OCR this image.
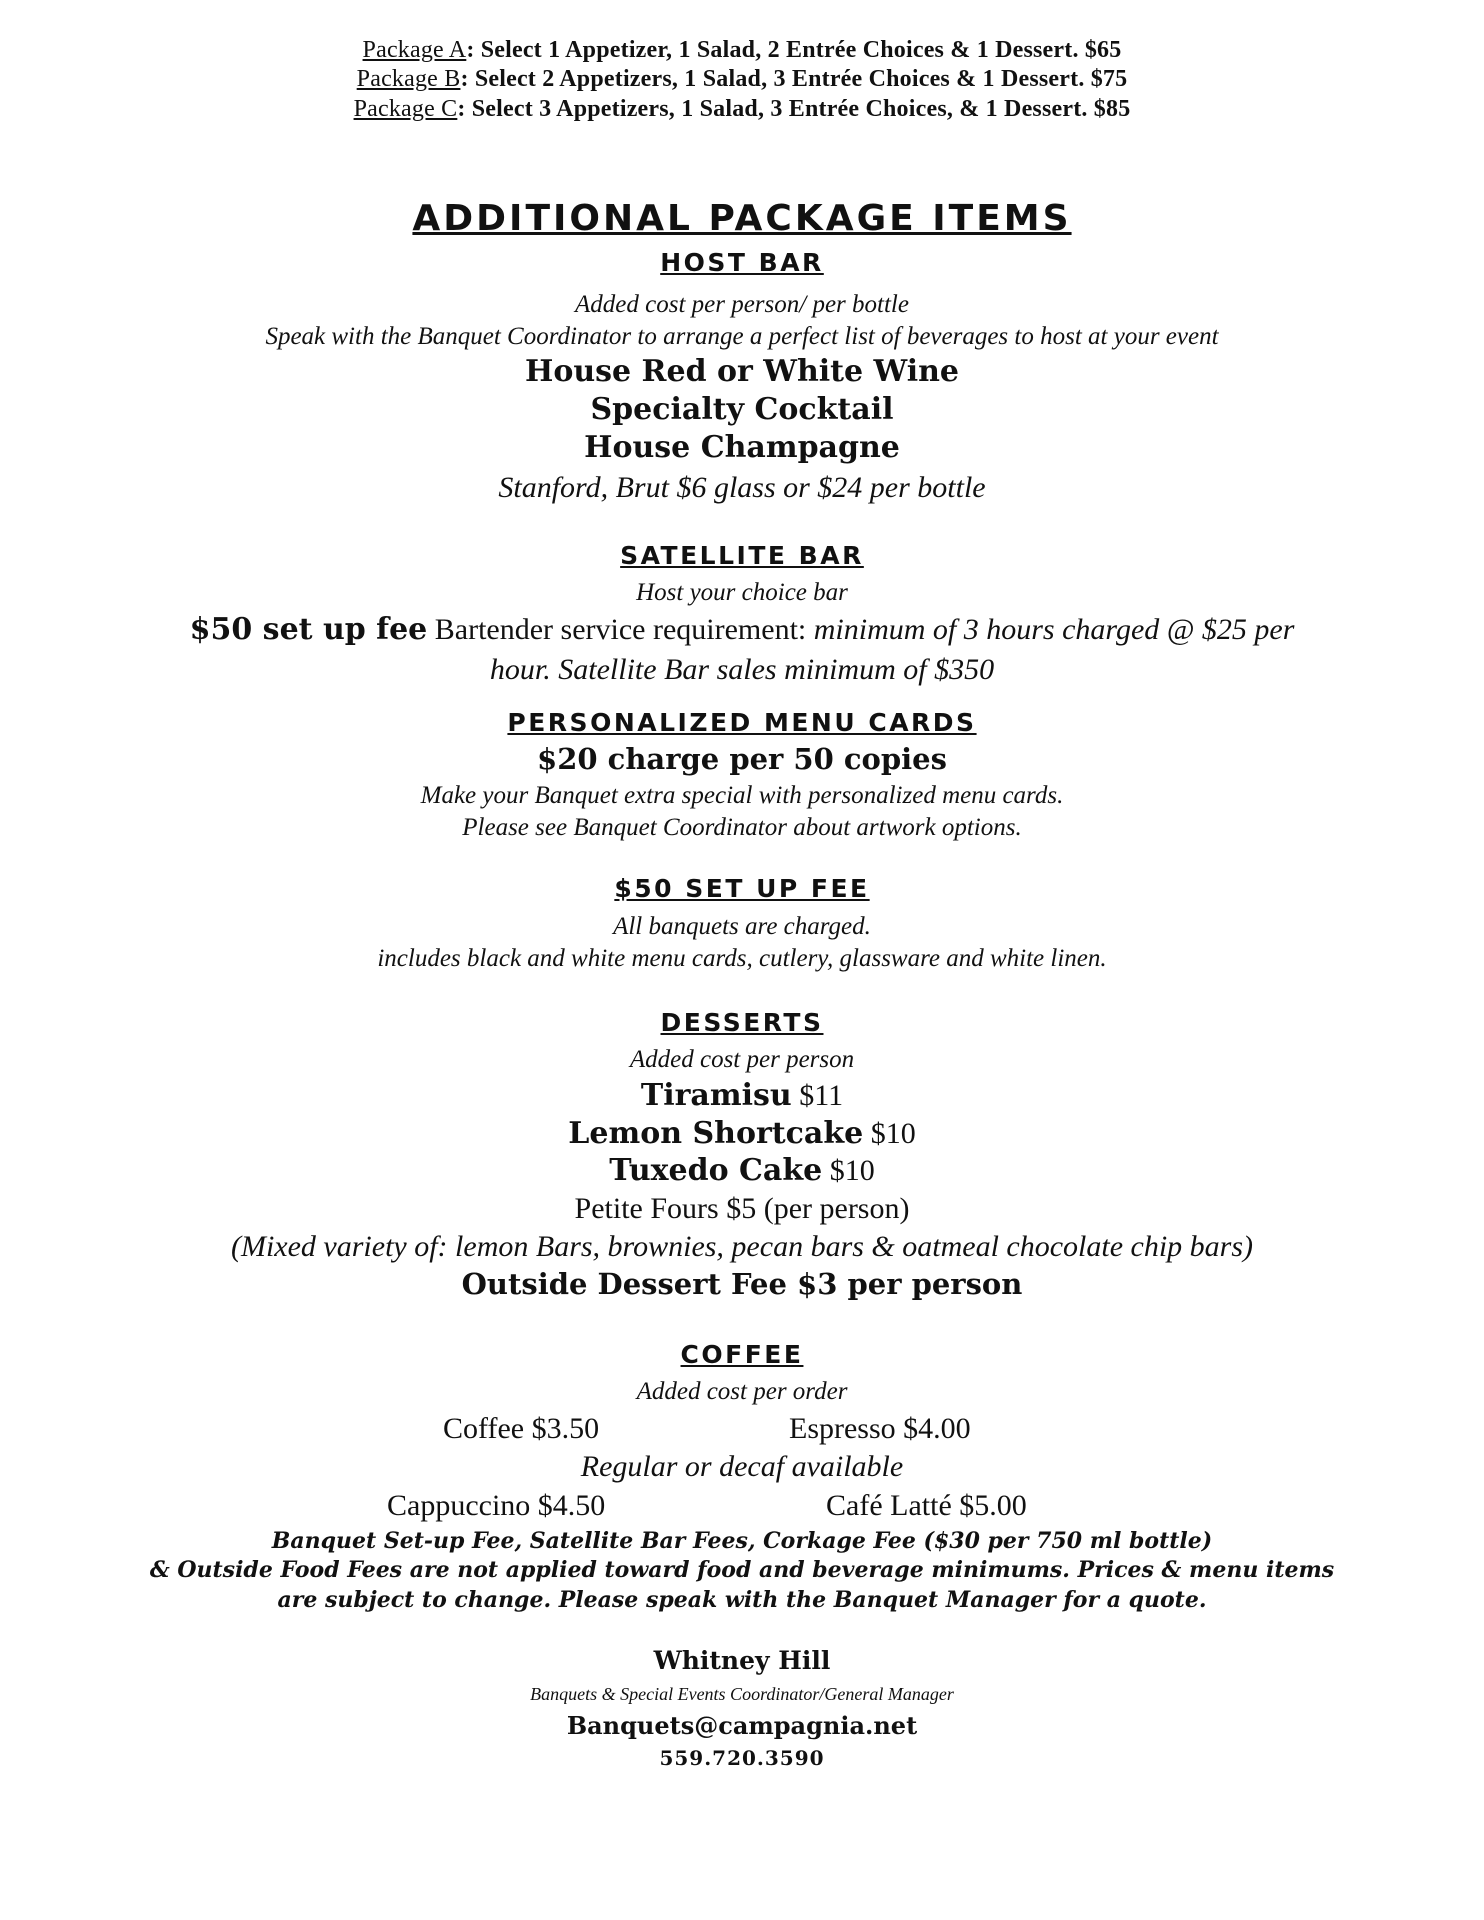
Package A: Select 1 Appetizer, 1 Salad, 2 Entrée Choices & 1 Dessert. $65
Package B: Select 2 Appetizers, 1 Salad, 3 Entrée Choices & 1 Dessert. $75
Package C: Select 3 Appetizers, 1 Salad, 3 Entrée Choices, & 1 Dessert. $85
ADDITIONAL PACKAGE ITEMS
HOST BAR
Added cost per person/ per bottle
Speak with the Banquet Coordinator to arrange a perfect list of beverages to host at your event
House Red or White Wine
Specialty Cocktail
House Champagne
Stanford, Brut $6 glass or $24 per bottle
SATELLITE BAR
Host your choice bar
$50 set up fee Bartender service requirement: minimum of 3 hours charged @ $25 per
hour. Satellite Bar sales minimum of $350
PERSONALIZED MENU CARDS
$20 charge per 50 copies
Make your Banquet extra special with personalized menu cards.
Please see Banquet Coordinator about artwork options.
$50 SET UP FEE
All banquets are charged.
includes black and white menu cards, cutlery, glassware and white linen.
DESSERTS
Added cost per person
Tiramisu $11
Lemon Shortcake $10
Tuxedo Cake $10
Petite Fours $5 (per person)
(Mixed variety of: lemon Bars, brownies, pecan bars & oatmeal chocolate chip bars)
Outside Dessert Fee $3 per person
COFFEE
Added cost per order
Coffee $3.50	Espresso $4.00
Regular or decaf available
Cappuccino $4.50	Café Latté $5.00
Banquet Set-up Fee, Satellite Bar Fees, Corkage Fee ($30 per 750 ml bottle)
& Outside Food Fees are not applied toward food and beverage minimums. Prices & menu items
are subject to change. Please speak with the Banquet Manager for a quote.
Whitney Hill
Banquets & Special Events Coordinator/General Manager
Banquets@campagnia.net
559.720.3590
